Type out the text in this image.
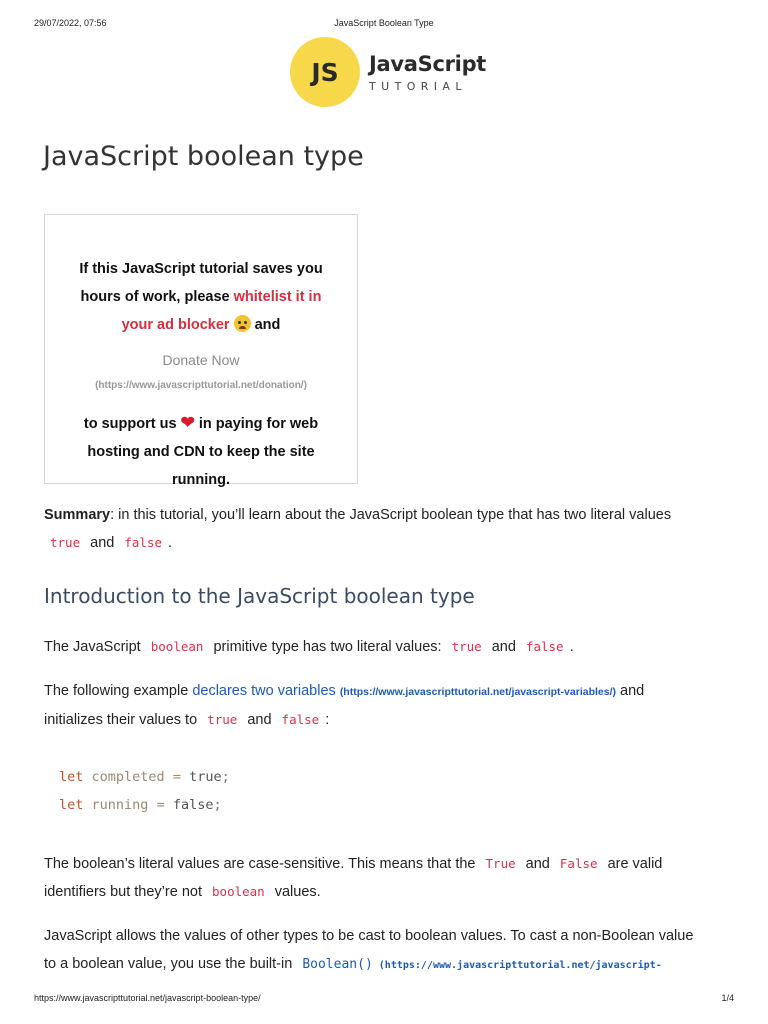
29/07/2022, 07:56	JavaScript Boolean Type
JS	JavaScript
TUTORIAL
JavaScript boolean type
If this JavaScript tutorial saves you hours of work, please whitelist it in your ad blocker  and
Donate Now
(https://www.javascripttutorial.net/donation/)
to support us ❤ in paying for web hosting and CDN to keep the site running.

Summary: in this tutorial, you’ll learn about the JavaScript boolean type that has two literal values
true and false .

Introduction to the JavaScript boolean type

The JavaScript boolean primitive type has two literal values: true and false .

The following example declares two variables (https://www.javascripttutorial.net/javascript-variables/) and
initializes their values to true and false :

let completed = true;
let running = false;

The boolean’s literal values are case-sensitive. This means that the True and False are valid
identifiers but they’re not boolean values.

JavaScript allows the values of other types to be cast to boolean values. To cast a non-Boolean value
to a boolean value, you use the built-in Boolean() (https://www.javascripttutorial.net/javascript-

https://www.javascripttutorial.net/javascript-boolean-type/	1/4
